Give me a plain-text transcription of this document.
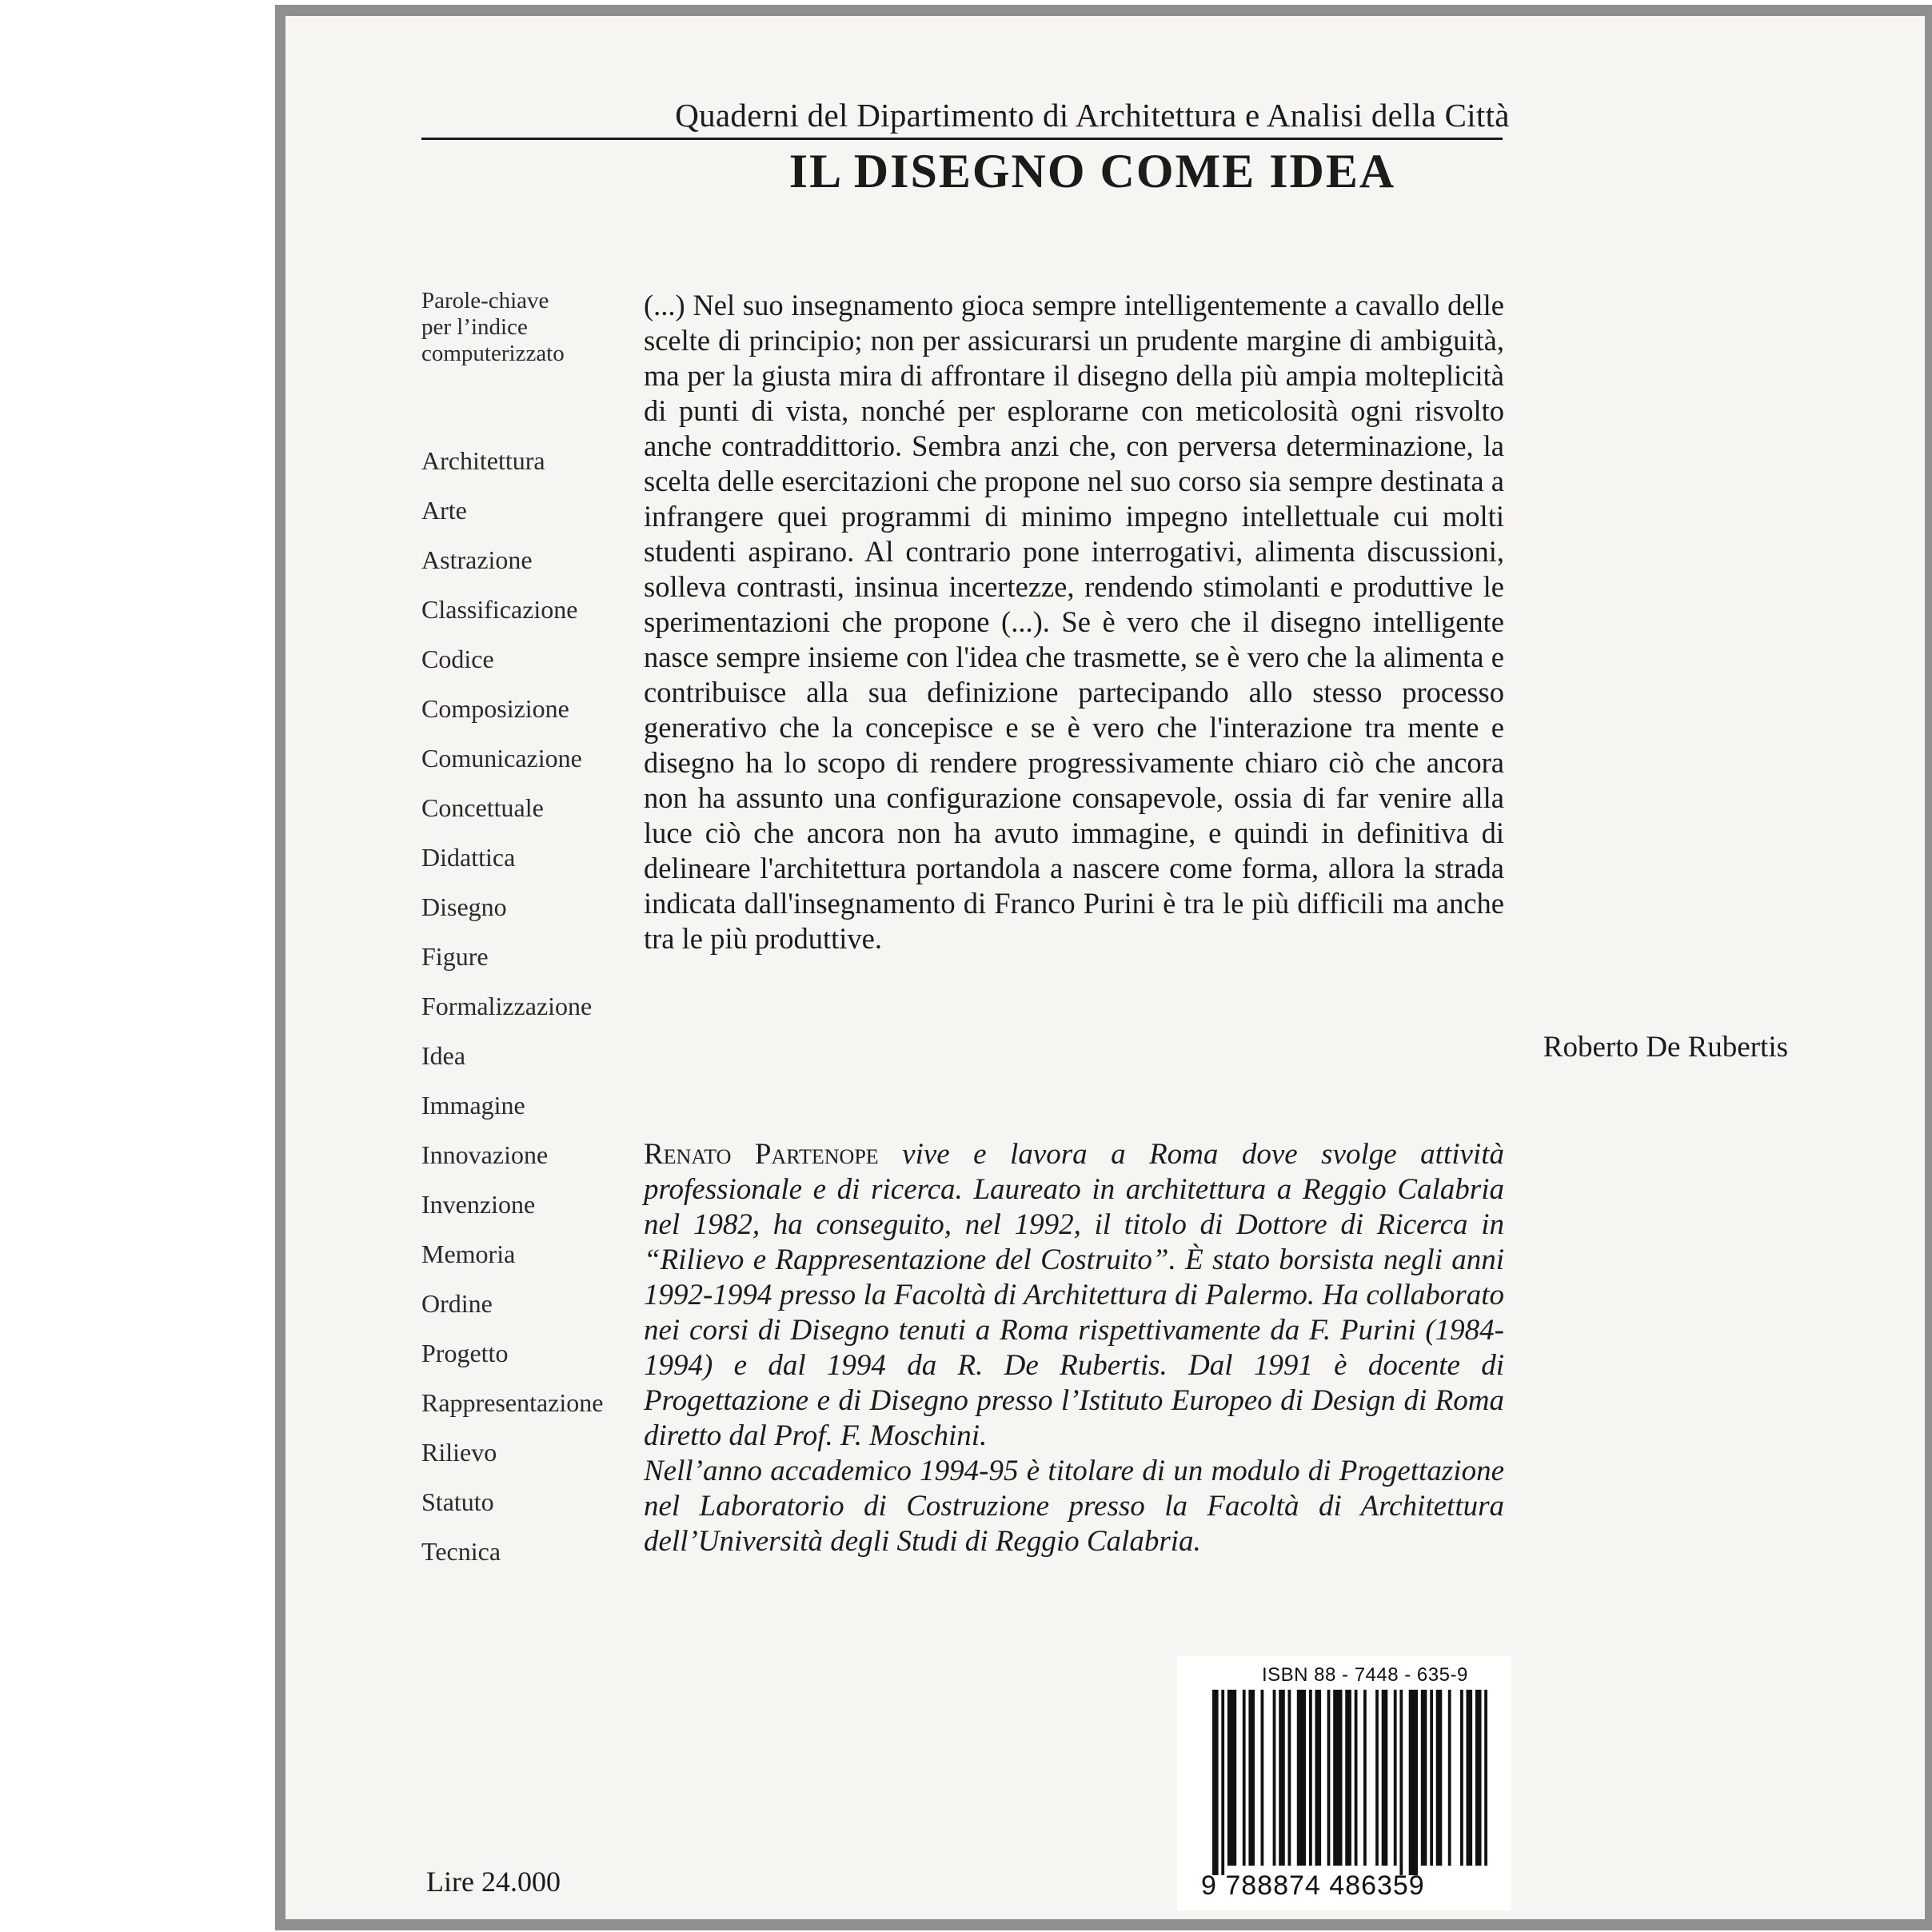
Quaderni del Dipartimento di Architettura e Analisi della Città
IL DISEGNO COME IDEA
Parole-chiave
per l’indice
computerizzato
Architettura
Arte
Astrazione
Classificazione
Codice
Composizione
Comunicazione
Concettuale
Didattica
Disegno
Figure
Formalizzazione
Idea
Immagine
Innovazione
Invenzione
Memoria
Ordine
Progetto
Rappresentazione
Rilievo
Statuto
Tecnica

(...) Nel suo insegnamento gioca sempre intelligentemente a cavallo delle scelte di principio; non per assicurarsi un prudente margine di ambiguità, ma per la giusta mira di affrontare il disegno della più ampia molteplicità di punti di vista, nonché per esplorarne con meticolosità ogni risvolto anche contraddittorio. Sembra anzi che, con perversa determinazione, la scelta delle esercitazioni che propone nel suo corso sia sempre destinata a infrangere quei programmi di minimo impegno intellettuale cui molti studenti aspirano. Al contrario pone interrogativi, alimenta discussioni, solleva contrasti, insinua incertezze, rendendo stimolanti e produttive le sperimentazioni che propone (...). Se è vero che il disegno intelligente nasce sempre insieme con l'idea che trasmette, se è vero che la alimenta e contribuisce alla sua definizione partecipando allo stesso processo generativo che la concepisce e se è vero che l'interazione tra mente e disegno ha lo scopo di rendere progressivamente chiaro ciò che ancora non ha assunto una configurazione consapevole, ossia di far venire alla luce ciò che ancora non ha avuto immagine, e quindi in definitiva di delineare l'architettura portandola a nascere come forma, allora la strada indicata dall'insegnamento di Franco Purini è tra le più difficili ma anche tra le più produttive.

Roberto De Rubertis

Renato Partenope vive e lavora a Roma dove svolge attività professionale e di ricerca. Laureato in architettura a Reggio Calabria nel 1982, ha conseguito, nel 1992, il titolo di Dottore di Ricerca in “Rilievo e Rappresentazione del Costruito”. È stato borsista negli anni 1992-1994 presso la Facoltà di Architettura di Palermo. Ha collaborato nei corsi di Disegno tenuti a Roma rispettivamente da F. Purini (1984-1994) e dal 1994 da R. De Rubertis. Dal 1991 è docente di Progettazione e di Disegno presso l’Istituto Europeo di Design di Roma diretto dal Prof. F. Moschini.

Nell’anno accademico 1994-95 è titolare di un modulo di Progettazione nel Laboratorio di Costruzione presso la Facoltà di Architettura dell’Università degli Studi di Reggio Calabria.

Lire 24.000
ISBN 88 - 7448 - 635-9
9 788874 486359
